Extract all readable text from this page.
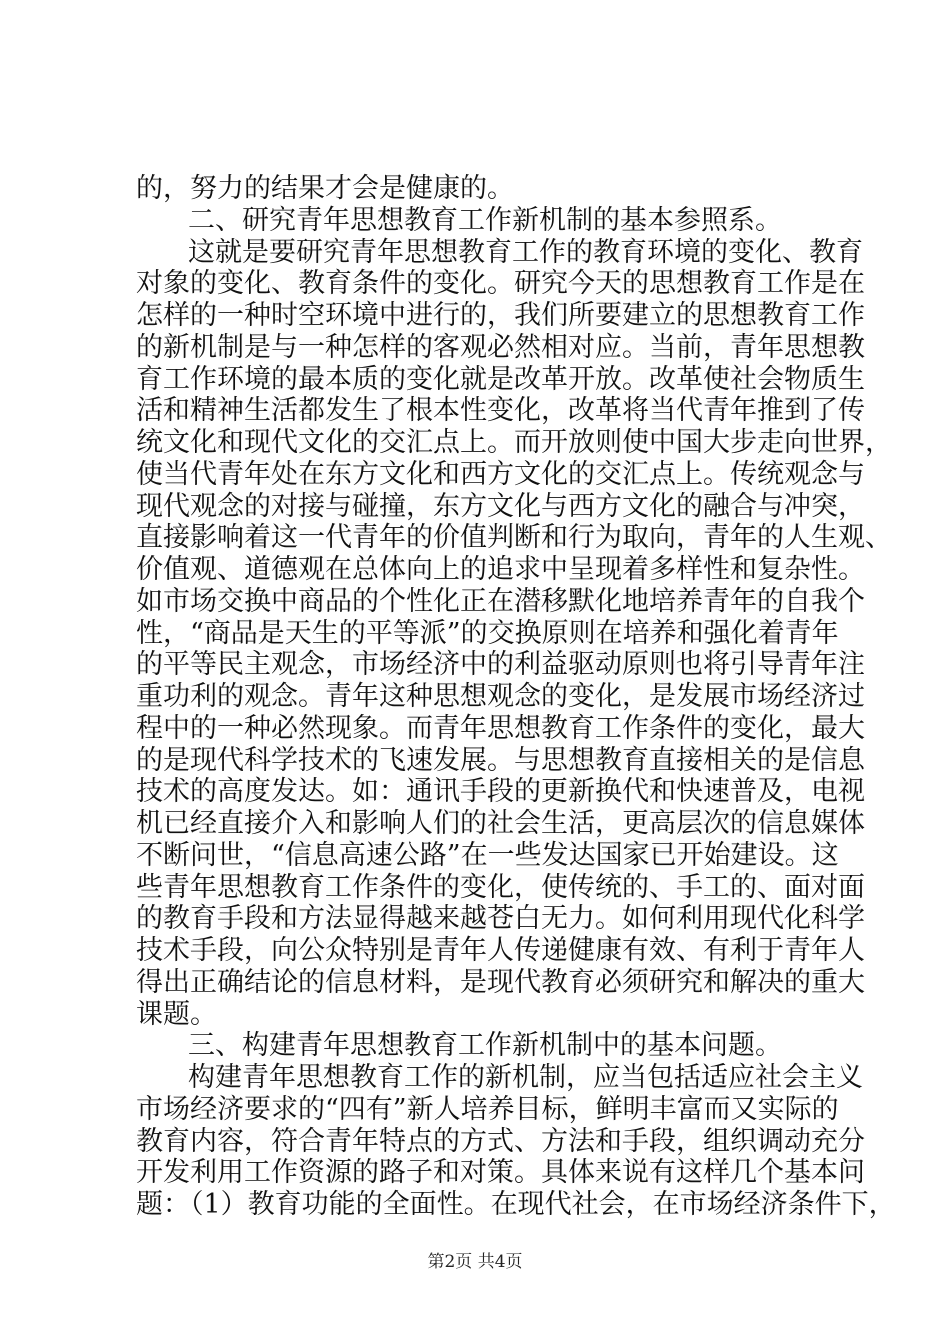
的，努力的结果才会是健康的。
二、研究青年思想教育工作新机制的基本参照系。
这就是要研究青年思想教育工作的教育环境的变化、教育
对象的变化、教育条件的变化。研究今天的思想教育工作是在
怎样的一种时空环境中进行的，我们所要建立的思想教育工作
的新机制是与一种怎样的客观必然相对应。当前，青年思想教
育工作环境的最本质的变化就是改革开放。改革使社会物质生
活和精神生活都发生了根本性变化，改革将当代青年推到了传
统文化和现代文化的交汇点上。而开放则使中国大步走向世界，
使当代青年处在东方文化和西方文化的交汇点上。传统观念与
现代观念的对接与碰撞，东方文化与西方文化的融合与冲突，
直接影响着这一代青年的价值判断和行为取向，青年的人生观、
价值观、道德观在总体向上的追求中呈现着多样性和复杂性。
如市场交换中商品的个性化正在潜移默化地培养青年的自我个
性，“商品是天生的平等派”的交换原则在培养和强化着青年
的平等民主观念，市场经济中的利益驱动原则也将引导青年注
重功利的观念。青年这种思想观念的变化，是发展市场经济过
程中的一种必然现象。而青年思想教育工作条件的变化，最大
的是现代科学技术的飞速发展。与思想教育直接相关的是信息
技术的高度发达。如：通讯手段的更新换代和快速普及，电视
机已经直接介入和影响人们的社会生活，更高层次的信息媒体
不断问世，“信息高速公路”在一些发达国家已开始建设。这
些青年思想教育工作条件的变化，使传统的、手工的、面对面
的教育手段和方法显得越来越苍白无力。如何利用现代化科学
技术手段，向公众特别是青年人传递健康有效、有利于青年人
得出正确结论的信息材料，是现代教育必须研究和解决的重大
课题。
三、构建青年思想教育工作新机制中的基本问题。
构建青年思想教育工作的新机制，应当包括适应社会主义
市场经济要求的“四有”新人培养目标，鲜明丰富而又实际的
教育内容，符合青年特点的方式、方法和手段，组织调动充分
开发利用工作资源的路子和对策。具体来说有这样几个基本问
题：（1）教育功能的全面性。在现代社会，在市场经济条件下，
第2页 共4页
